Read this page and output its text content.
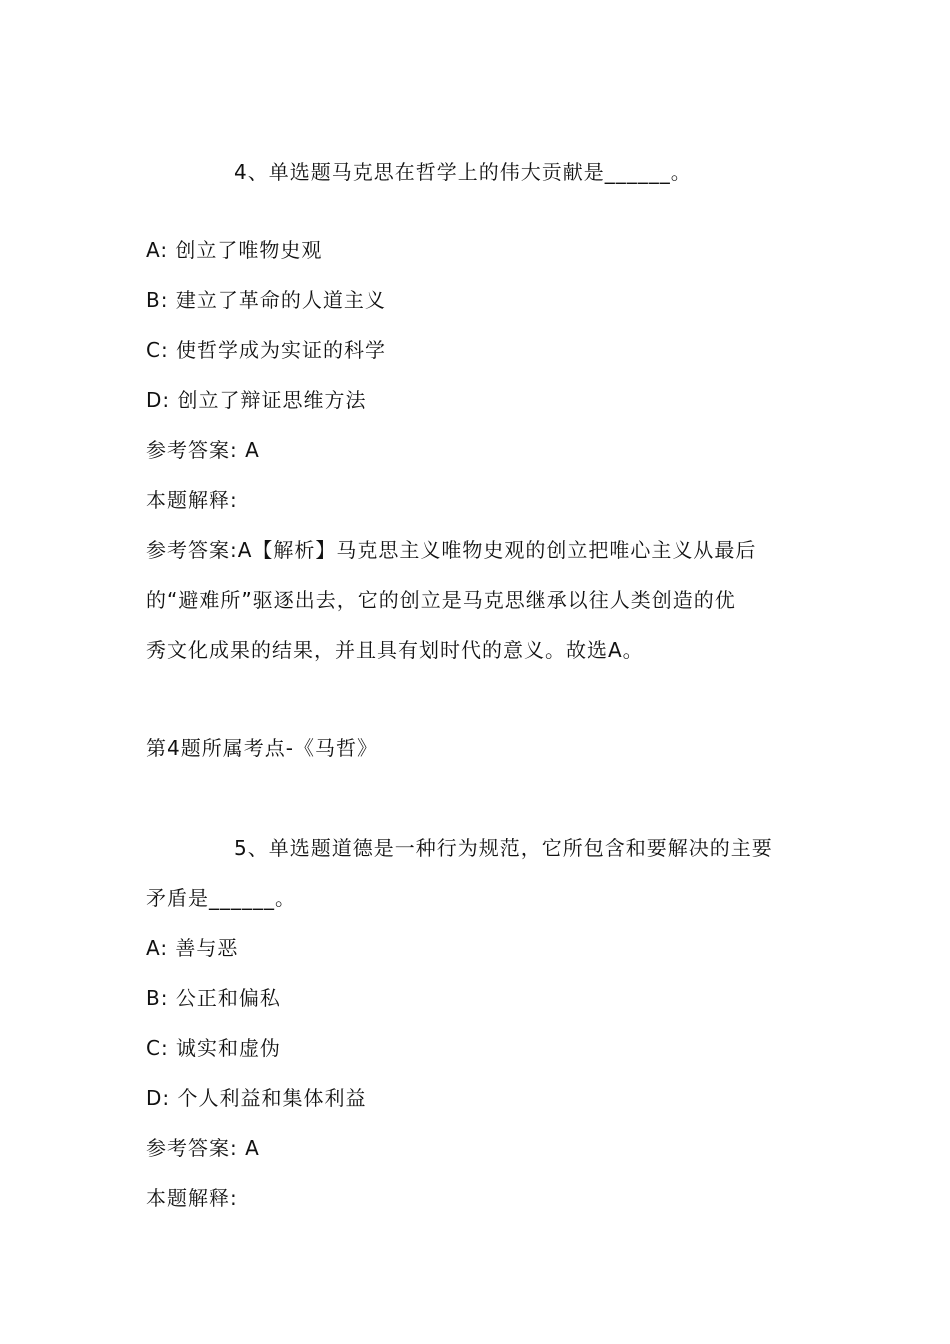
4、单选题马克思在哲学上的伟大贡献是______。

A: 创立了唯物史观

B: 建立了革命的人道主义

C: 使哲学成为实证的科学

D: 创立了辩证思维方法

参考答案: A

本题解释:

参考答案:A【解析】马克思主义唯物史观的创立把唯心主义从最后

的“避难所”驱逐出去，它的创立是马克思继承以往人类创造的优

秀文化成果的结果，并且具有划时代的意义。故选A。

第4题所属考点-《马哲》

5、单选题道德是一种行为规范，它所包含和要解决的主要

矛盾是______。

A: 善与恶

B: 公正和偏私

C: 诚实和虚伪

D: 个人利益和集体利益

参考答案: A

本题解释:
